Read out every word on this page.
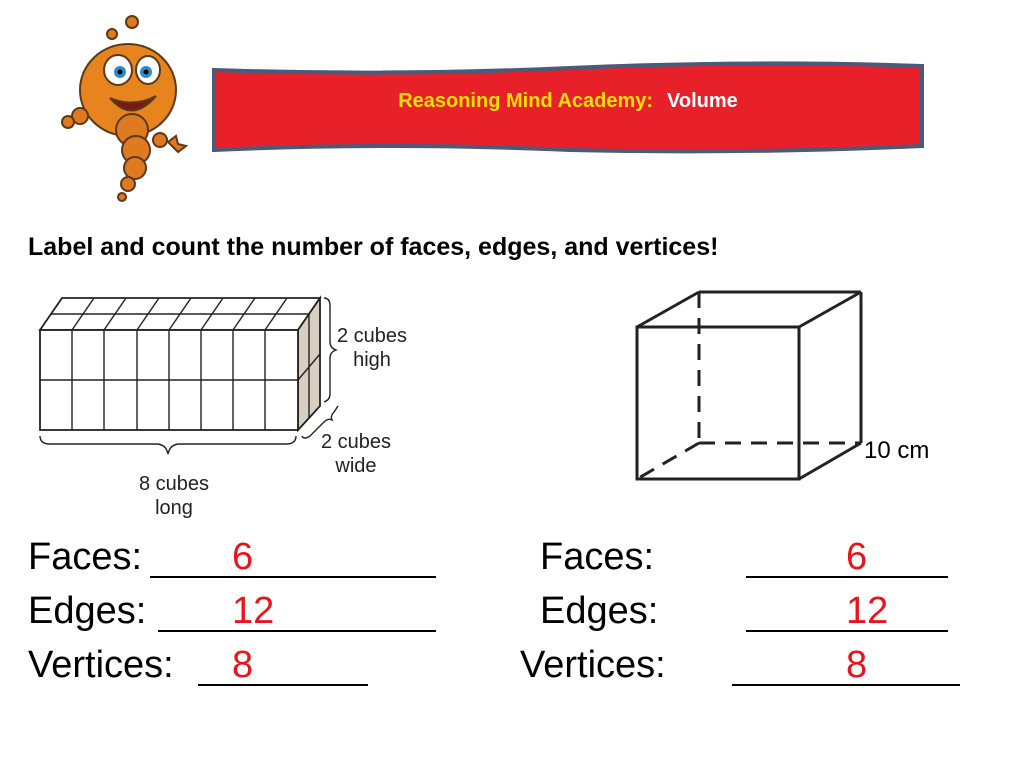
Reasoning Mind Academy: Volume
Label and count the number of faces, edges, and vertices!
2 cubes
high
2 cubes
wide
8 cubes
long
10 cm
Faces: 6
Edges: 12
Vertices: 8
Faces:	6
Edges:	12
Vertices:	8
